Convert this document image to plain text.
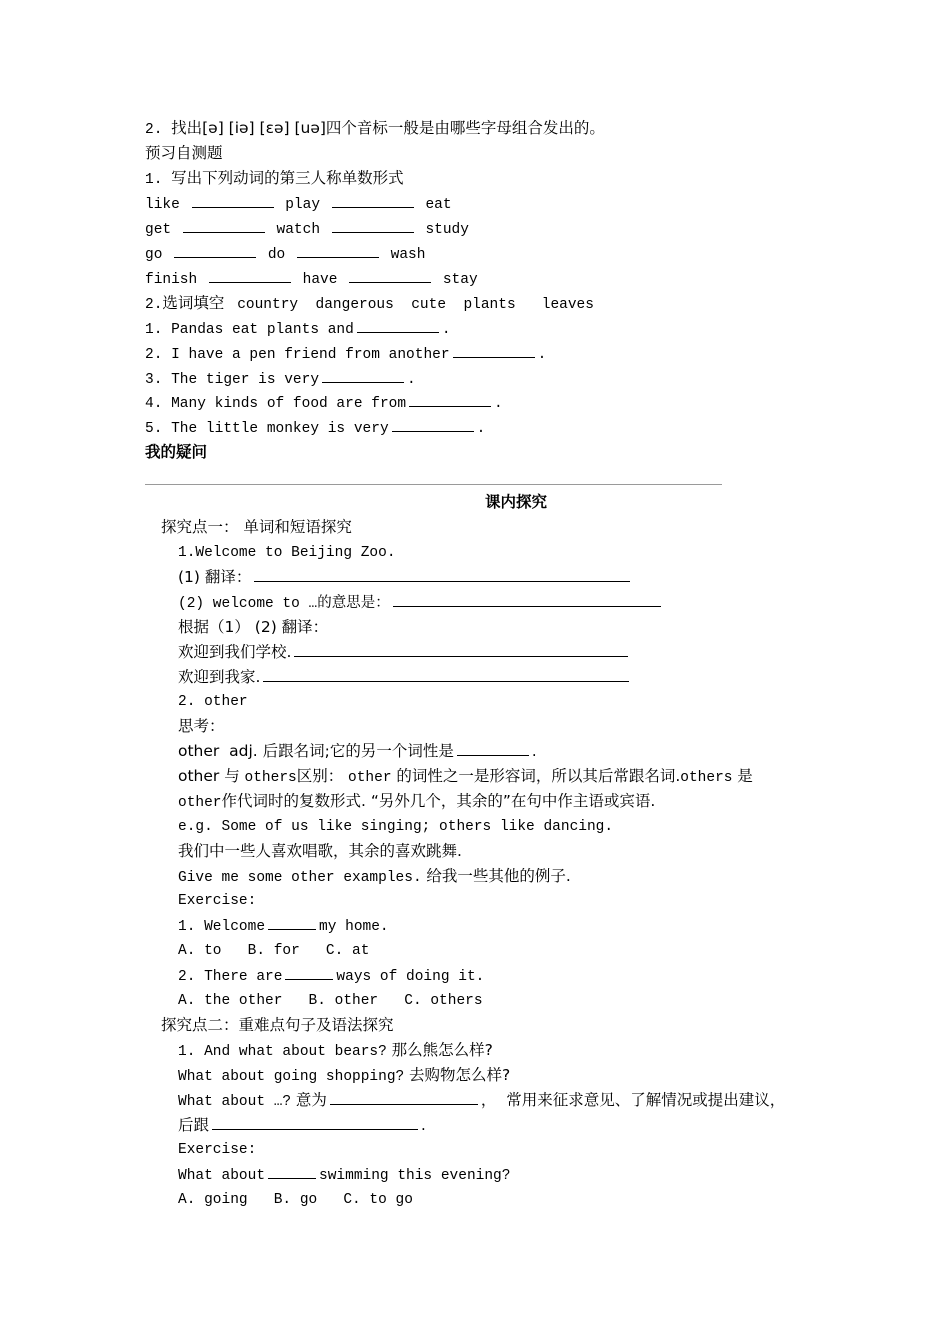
2. 找出[ə] [iə] [εə] [uə]四个音标一般是由哪些字母组合发出的。
预习自测题
1. 写出下列动词的第三人称单数形式
like	play	eat
get	watch	study
go	do	wash
finish	have	stay
2.选词填空 country  dangerous  cute  plants   leaves
1. Pandas eat plants and	.
2. I have a pen friend from another	.
3. The tiger is very	.
4. Many kinds of food are from	.
5. The little monkey is very	.
我的疑问
课内探究
探究点一： 单词和短语探究
1.Welcome to Beijing Zoo.
(1) 翻译：
(2) welcome to …的意思是：
根据（1） (2) 翻译：
欢迎到我们学校.
欢迎到我家.
2. other
思考：
other  adj. 后跟名词;它的另一个词性是	.
other 与 others区别： other 的词性之一是形容词，所以其后常跟名词.others 是
other作代词时的复数形式. “另外几个，其余的”在句中作主语或宾语.
e.g. Some of us like singing; others like dancing.
我们中一些人喜欢唱歌，其余的喜欢跳舞.
Give me some other examples. 给我一些其他的例子.
Exercise:
1. Welcome	my home.
A. to   B. for   C. at
2. There are	ways of doing it.
A. the other   B. other   C. others
探究点二：重难点句子及语法探究
1. And what about bears? 那么熊怎么样?
What about going shopping? 去购物怎么样?
What about …? 意为	，  常用来征求意见、了解情况或提出建议，
后跟	.
Exercise:
What about	swimming this evening?
A. going   B. go   C. to go
